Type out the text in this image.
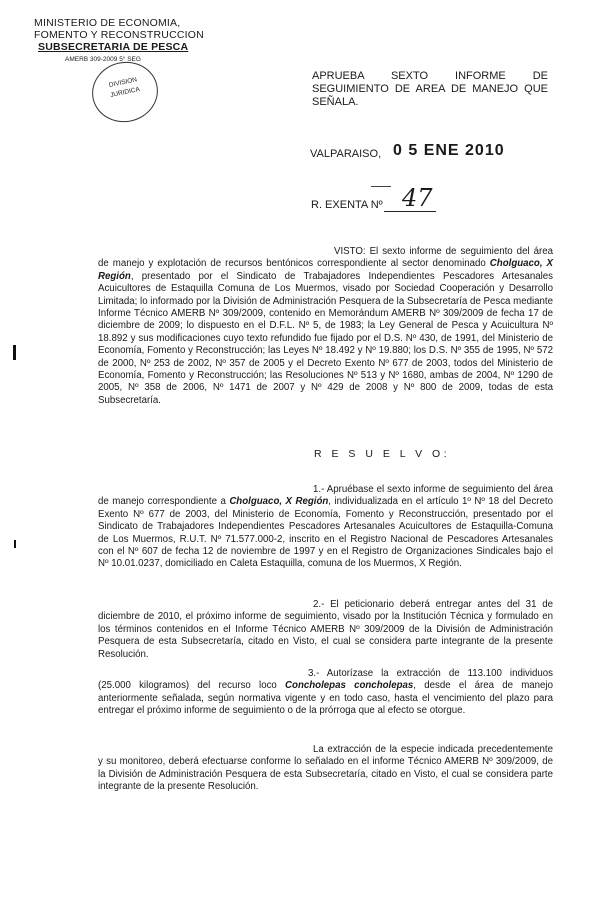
MINISTERIO DE ECONOMIA,
FOMENTO Y RECONSTRUCCION
SUBSECRETARIA DE PESCA
AMERB 309-2009 5° SEG
DIVISION
JURIDICA
APRUEBA SEXTO INFORME DE SEGUIMIENTO DE AREA DE MANEJO QUE SEÑALA.
VALPARAISO, 0 5 ENE 2010
R. EXENTA Nº 47
VISTO: El sexto informe de seguimiento del área de manejo y explotación de recursos bentónicos correspondiente al sector denominado Cholguaco, X Región, presentado por el Sindicato de Trabajadores Independientes Pescadores Artesanales Acuicultores de Estaquilla Comuna de Los Muermos, visado por Sociedad Cooperación y Desarrollo Limitada; lo informado por la División de Administración Pesquera de la Subsecretaría de Pesca mediante Informe Técnico AMERB Nº 309/2009, contenido en Memorándum AMERB Nº 309/2009 de fecha 17 de diciembre de 2009; lo dispuesto en el D.F.L. Nº 5, de 1983; la Ley General de Pesca y Acuicultura Nº 18.892 y sus modificaciones cuyo texto refundido fue fijado por el D.S. Nº 430, de 1991, del Ministerio de Economía, Fomento y Reconstrucción; las Leyes Nº 18.492 y Nº 19.880; los D.S. Nº 355 de 1995, Nº 572 de 2000, Nº 253 de 2002, Nº 357 de 2005 y el Decreto Exento Nº 677 de 2003, todos del Ministerio de Economía, Fomento y Reconstrucción; las Resoluciones Nº 513 y Nº 1680, ambas de 2004, Nº 1290 de 2005, Nº 358 de 2006, Nº 1471 de 2007 y Nº 429 de 2008 y Nº 800 de 2009, todas de esta Subsecretaría.
R E S U E L V O:
1.- Apruébase el sexto informe de seguimiento del área de manejo correspondiente a Cholguaco, X Región, individualizada en el artículo 1º Nº 18 del Decreto Exento Nº 677 de 2003, del Ministerio de Economía, Fomento y Reconstrucción, presentado por el Sindicato de Trabajadores Independientes Pescadores Artesanales Acuicultores de Estaquilla-Comuna de Los Muermos, R.U.T. Nº 71.577.000-2, inscrito en el Registro Nacional de Pescadores Artesanales con el Nº 607 de fecha 12 de noviembre de 1997 y en el Registro de Organizaciones Sindicales bajo el Nº 10.01.0237, domiciliado en Caleta Estaquilla, comuna de los Muermos, X Región.
2.- El peticionario deberá entregar antes del 31 de diciembre de 2010, el próximo informe de seguimiento, visado por la Institución Técnica y formulado en los términos contenidos en el Informe Técnico AMERB Nº 309/2009 de la División de Administración Pesquera de esta Subsecretaría, citado en Visto, el cual se considera parte integrante de la presente Resolución.
3.- Autorízase la extracción de 113.100 individuos (25.000 kilogramos) del recurso loco Concholepas concholepas, desde el área de manejo anteriormente señalada, según normativa vigente y en todo caso, hasta el vencimiento del plazo para entregar el próximo informe de seguimiento o de la prórroga que al efecto se otorgue.
La extracción de la especie indicada precedentemente y su monitoreo, deberá efectuarse conforme lo señalado en el informe Técnico AMERB Nº 309/2009, de la División de Administración Pesquera de esta Subsecretaría, citado en Visto, el cual se considera parte integrante de la presente Resolución.
